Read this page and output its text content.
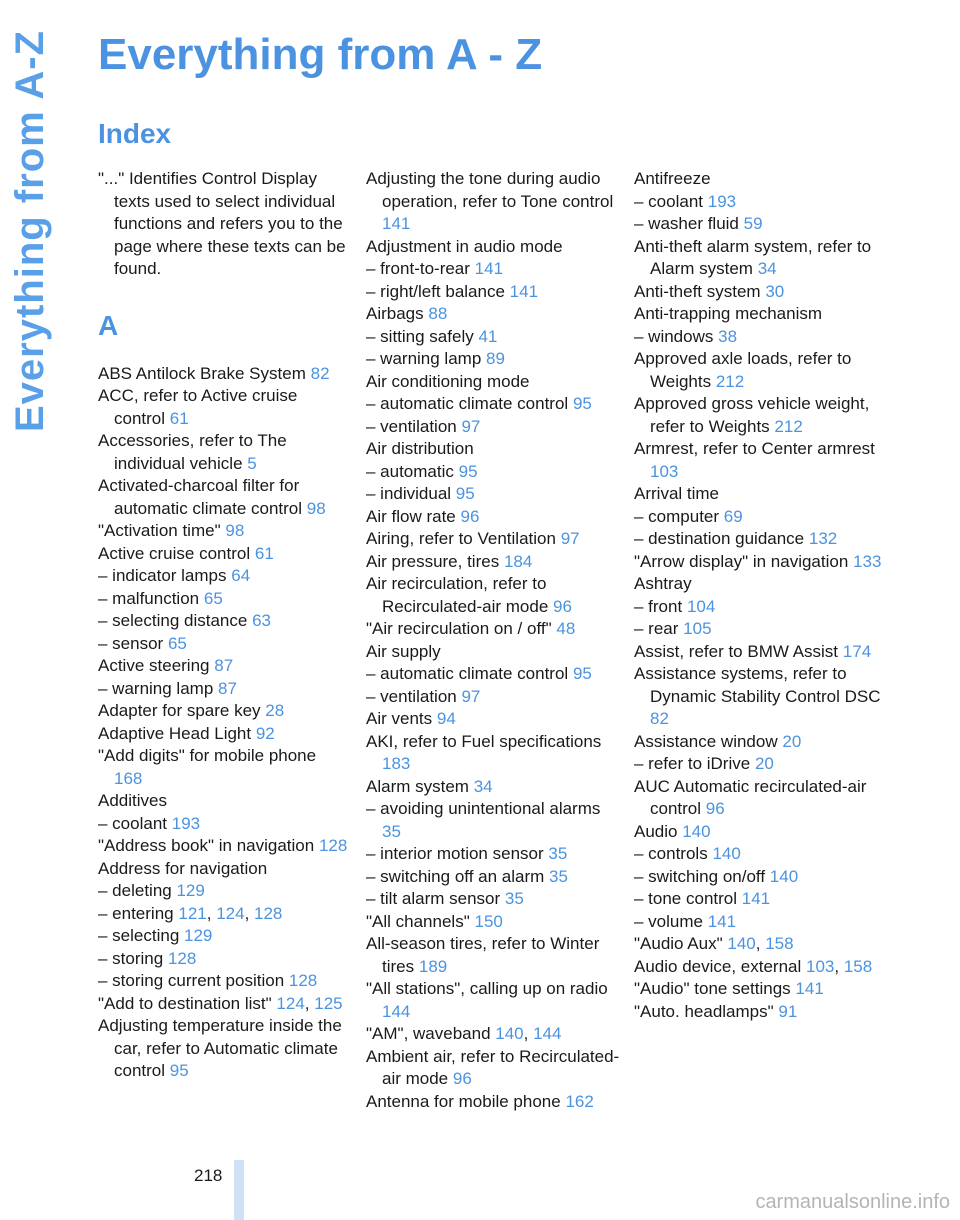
Everything from A-Z Everything from A - Z
Index
"..." Identifies Control Display texts used to select individual functions and refers you to the page where these texts can be found.
A
ABS Antilock Brake System 82
ACC, refer to Active cruise control 61
Accessories, refer to The individual vehicle 5
Activated-charcoal filter for automatic climate control 98
"Activation time" 98
Active cruise control 61
– indicator lamps 64
– malfunction 65
– selecting distance 63
– sensor 65
Active steering 87
– warning lamp 87
Adapter for spare key 28
Adaptive Head Light 92
"Add digits" for mobile phone 168
Additives
– coolant 193
"Address book" in navigation 128
Address for navigation
– deleting 129
– entering 121, 124, 128
– selecting 129
– storing 128
– storing current position 128
"Add to destination list" 124, 125
Adjusting temperature inside the car, refer to Automatic climate control 95
Adjusting the tone during audio operation, refer to Tone control 141
Adjustment in audio mode
– front-to-rear 141
– right/left balance 141
Airbags 88
– sitting safely 41
– warning lamp 89
Air conditioning mode
– automatic climate control 95
– ventilation 97
Air distribution
– automatic 95
– individual 95
Air flow rate 96
Airing, refer to Ventilation 97
Air pressure, tires 184
Air recirculation, refer to Recirculated-air mode 96
"Air recirculation on / off" 48
Air supply
– automatic climate control 95
– ventilation 97
Air vents 94
AKI, refer to Fuel specifications 183
Alarm system 34
– avoiding unintentional alarms 35
– interior motion sensor 35
– switching off an alarm 35
– tilt alarm sensor 35
"All channels" 150
All-season tires, refer to Winter tires 189
"All stations", calling up on radio 144
"AM", waveband 140, 144
Ambient air, refer to Recirculated-air mode 96
Antenna for mobile phone 162
Antifreeze
– coolant 193
– washer fluid 59
Anti-theft alarm system, refer to Alarm system 34
Anti-theft system 30
Anti-trapping mechanism
– windows 38
Approved axle loads, refer to Weights 212
Approved gross vehicle weight, refer to Weights 212
Armrest, refer to Center armrest 103
Arrival time
– computer 69
– destination guidance 132
"Arrow display" in navigation 133
Ashtray
– front 104
– rear 105
Assist, refer to BMW Assist 174
Assistance systems, refer to Dynamic Stability Control DSC 82
Assistance window 20
– refer to iDrive 20
AUC Automatic recirculated-air control 96
Audio 140
– controls 140
– switching on/off 140
– tone control 141
– volume 141
"Audio Aux" 140, 158
Audio device, external 103, 158
"Audio" tone settings 141
"Auto. headlamps" 91
218
carmanualsonline.info
